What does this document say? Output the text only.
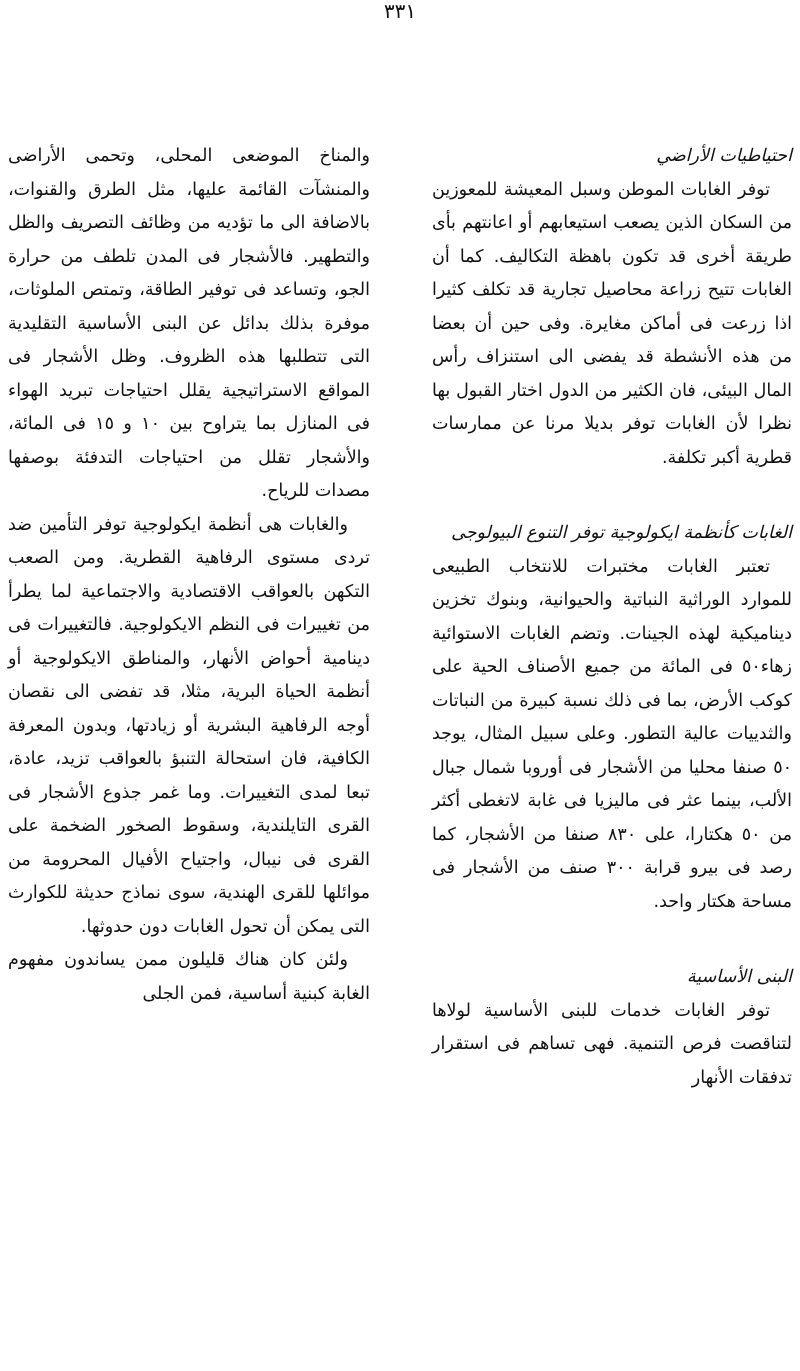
٣٣١
احتياطيات الأراضي

توفر الغابات الموطن وسبل المعيشة للمعوزين من السكان الذين يصعب استيعابهم أو اعانتهم بأى طريقة أخرى قد تكون باهظة التكاليف. كما أن الغابات تتيح زراعة محاصيل تجارية قد تكلف كثيرا اذا زرعت فى أماكن مغايرة. وفى حين أن بعضا من هذه الأنشطة قد يفضى الى استنزاف رأس المال البيئى، فان الكثير من الدول اختار القبول بها نظرا لأن الغابات توفر بديلا مرنا عن ممارسات قطرية أكبر تكلفة.

الغابات كأنظمة ايكولوجية توفر التنوع البيولوجى

تعتبر الغابات مختبرات للانتخاب الطبيعى للموارد الوراثية النباتية والحيوانية، وبنوك تخزين ديناميكية لهذه الجينات. وتضم الغابات الاستوائية زهاء٥٠ فى المائة من جميع الأصناف الحية على كوكب الأرض، بما فى ذلك نسبة كبيرة من النباتات والثدييات عالية التطور. وعلى سبيل المثال، يوجد ٥٠ صنفا محليا من الأشجار فى أوروبا شمال جبال الألب، بينما عثر فى ماليزيا فى غابة لاتغطى أكثر من ٥٠ هكتارا، على ٨٣٠ صنفا من الأشجار، كما رصد فى بيرو قرابة ٣٠٠ صنف من الأشجار فى مساحة هكتار واحد.

البنى الأساسية

توفر الغابات خدمات للبنى الأساسية لولاها لتناقصت فرص التنمية. فهى تساهم فى استقرار تدفقات الأنهار

والمناخ الموضعى المحلى، وتحمى الأراضى والمنشآت القائمة عليها، مثل الطرق والقنوات، بالاضافة الى ما تؤديه من وظائف التصريف والظل والتطهير. فالأشجار فى المدن تلطف من حرارة الجو، وتساعد فى توفير الطاقة، وتمتص الملوثات، موفرة بذلك بدائل عن البنى الأساسية التقليدية التى تتطلبها هذه الظروف. وظل الأشجار فى المواقع الاستراتيجية يقلل احتياجات تبريد الهواء فى المنازل بما يتراوح بين ١٠ و ١٥ فى المائة، والأشجار تقلل من احتياجات التدفئة بوصفها مصدات للرياح.

والغابات هى أنظمة ايكولوجية توفر التأمين ضد تردى مستوى الرفاهية القطرية. ومن الصعب التكهن بالعواقب الاقتصادية والاجتماعية لما يطرأ من تغييرات فى النظم الايكولوجية. فالتغييرات فى دينامية أحواض الأنهار، والمناطق الايكولوجية أو أنظمة الحياة البرية، مثلا، قد تفضى الى نقصان أوجه الرفاهية البشرية أو زيادتها، وبدون المعرفة الكافية، فان استحالة التنبؤ بالعواقب تزيد، عادة، تبعا لمدى التغييرات. وما غمر جذوع الأشجار فى القرى التايلندية، وسقوط الصخور الضخمة على القرى فى نيبال، واجتياح الأفيال المحرومة من موائلها للقرى الهندية، سوى نماذج حديثة للكوارث التى يمكن أن تحول الغابات دون حدوثها.

ولئن كان هناك قليلون ممن يساندون مفهوم الغابة كبنية أساسية، فمن الجلى
